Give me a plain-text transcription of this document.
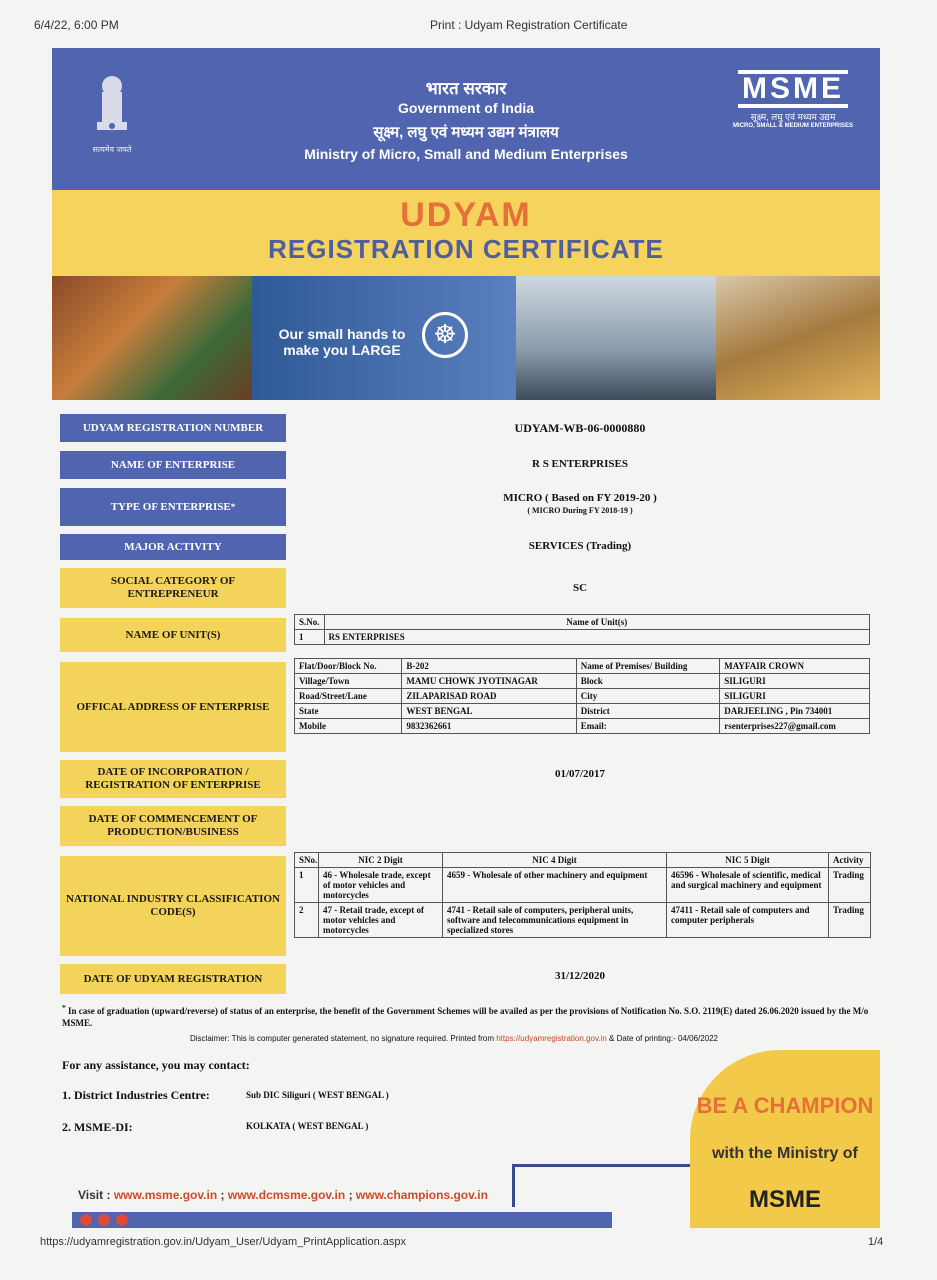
6/4/22, 6:00 PM	Print : Udyam Registration Certificate
सत्यमेव जयते
भारत सरकार
Government of India
सूक्ष्म, लघु एवं मध्यम उद्यम मंत्रालय
Ministry of Micro, Small and Medium Enterprises
MSME
सूक्ष्म, लघु एवं मध्यम उद्यम
MICRO, SMALL & MEDIUM ENTERPRISES
UDYAM
REGISTRATION CERTIFICATE
Our small hands to make you LARGE
☸
UDYAM REGISTRATION NUMBER	UDYAM-WB-06-0000880
NAME OF ENTERPRISE	R S ENTERPRISES
TYPE OF ENTERPRISE *
MICRO ( Based on FY 2019-20 )
( MICRO During FY 2018-19 )
MAJOR ACTIVITY	SERVICES (Trading)
SOCIAL CATEGORY OF ENTREPRENEUR	SC
NAME OF UNIT(S)
S.No.	Name of Unit(s)
1	RS ENTERPRISES
OFFICAL ADDRESS OF ENTERPRISE
Flat/Door/Block No.	B-202	Name of Premises/ Building	MAYFAIR CROWN
Village/Town	MAMU CHOWK JYOTINAGAR	Block	SILIGURI
Road/Street/Lane	ZILAPARISAD ROAD	City	SILIGURI
State	WEST BENGAL	District	DARJEELING , Pin 734001
Mobile	9832362661	Email:	rsenterprises227@gmail.com
DATE OF INCORPORATION / REGISTRATION OF ENTERPRISE
01/07/2017
DATE OF COMMENCEMENT OF PRODUCTION/BUSINESS
NATIONAL INDUSTRY CLASSIFICATION CODE(S)
SNo.	NIC 2 Digit	NIC 4 Digit	NIC 5 Digit	Activity
1	46 - Wholesale trade, except of motor vehicles and motorcycles	4659 - Wholesale of other machinery and equipment	46596 - Wholesale of scientific, medical and surgical machinery and equipment	Trading
2	47 - Retail trade, except of motor vehicles and motorcycles	4741 - Retail sale of computers, peripheral units, software and telecommunications equipment in specialized stores	47411 - Retail sale of computers and computer peripherals	Trading
DATE OF UDYAM REGISTRATION	31/12/2020
* In case of graduation (upward/reverse) of status of an enterprise, the benefit of the Government Schemes will be availed as per the provisions of Notification No. S.O. 2119(E) dated 26.06.2020 issued by the M/o MSME.
Disclaimer: This is computer generated statement, no signature required. Printed from https://udyamregistration.gov.in & Date of printing:- 04/06/2022
For any assistance, you may contact:
1. District Industries Centre:	Sub DIC Siliguri ( WEST BENGAL )
2. MSME-DI:	KOLKATA ( WEST BENGAL )
BE A CHAMPION
with the Ministry of
MSME
Visit : www.msme.gov.in ; www.dcmsme.gov.in ; www.champions.gov.in
https://udyamregistration.gov.in/Udyam_User/Udyam_PrintApplication.aspx	1/4
